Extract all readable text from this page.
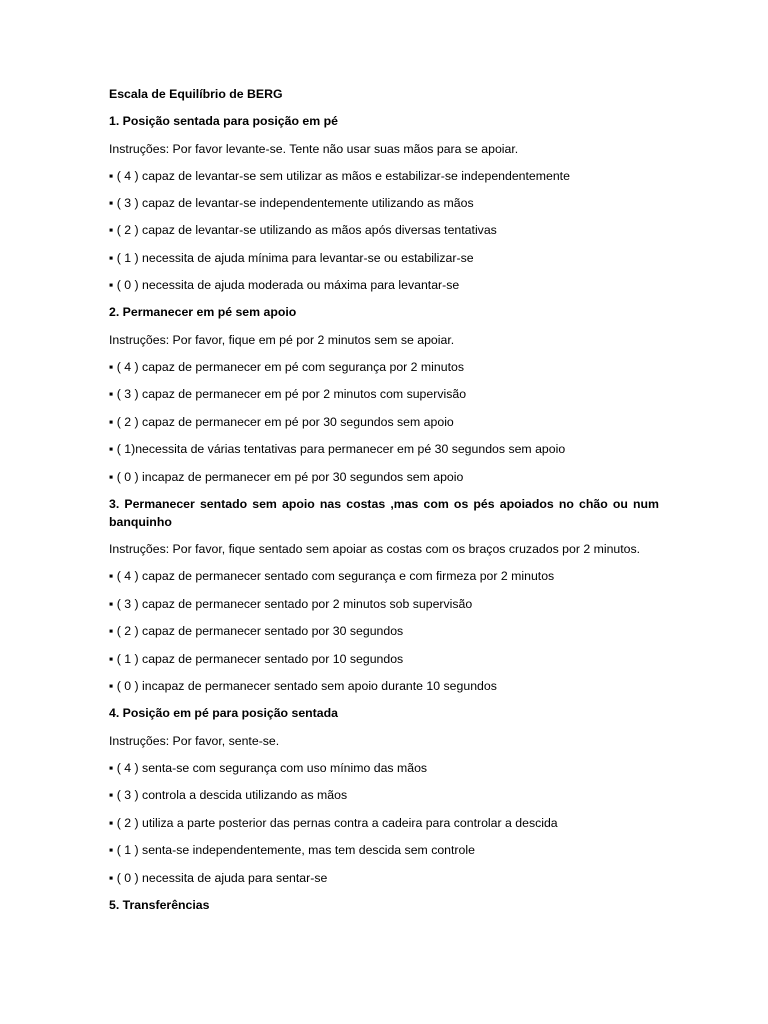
Escala de Equilíbrio de BERG
1. Posição sentada para posição em pé
Instruções: Por favor levante-se. Tente não usar suas mãos para se apoiar.
▪ ( 4 ) capaz de levantar-se sem utilizar as mãos e estabilizar-se independentemente
▪ ( 3 ) capaz de levantar-se independentemente utilizando as mãos
▪ ( 2 ) capaz de levantar-se utilizando as mãos após diversas tentativas
▪ ( 1 ) necessita de ajuda mínima para levantar-se ou estabilizar-se
▪ ( 0 ) necessita de ajuda moderada ou máxima para levantar-se
2. Permanecer em pé sem apoio
Instruções: Por favor, fique em pé por 2 minutos sem se apoiar.
▪ ( 4 ) capaz de permanecer em pé com segurança por 2 minutos
▪ ( 3 ) capaz de permanecer em pé por 2 minutos com supervisão
▪ ( 2 ) capaz de permanecer em pé por 30 segundos sem apoio
▪ ( 1)necessita de várias tentativas para permanecer em pé 30 segundos sem apoio
▪ ( 0 ) incapaz de permanecer em pé por 30 segundos sem apoio
3. Permanecer sentado sem apoio nas costas ,mas com os pés apoiados no chão ou num banquinho
Instruções: Por favor, fique sentado sem apoiar as costas com os braços cruzados por 2 minutos.
▪ ( 4 ) capaz de permanecer sentado com segurança e com firmeza por 2 minutos
▪ ( 3 ) capaz de permanecer sentado por 2 minutos sob supervisão
▪ ( 2 ) capaz de permanecer sentado por 30 segundos
▪ ( 1 ) capaz de permanecer sentado por 10 segundos
▪ ( 0 ) incapaz de permanecer sentado sem apoio durante 10 segundos
4. Posição em pé para posição sentada
Instruções: Por favor, sente-se.
▪ ( 4 ) senta-se com segurança com uso mínimo das mãos
▪ ( 3 ) controla a descida utilizando as mãos
▪ ( 2 ) utiliza a parte posterior das pernas contra a cadeira para controlar a descida
▪ ( 1 ) senta-se independentemente, mas tem descida sem controle
▪ ( 0 ) necessita de ajuda para sentar-se
5. Transferências
